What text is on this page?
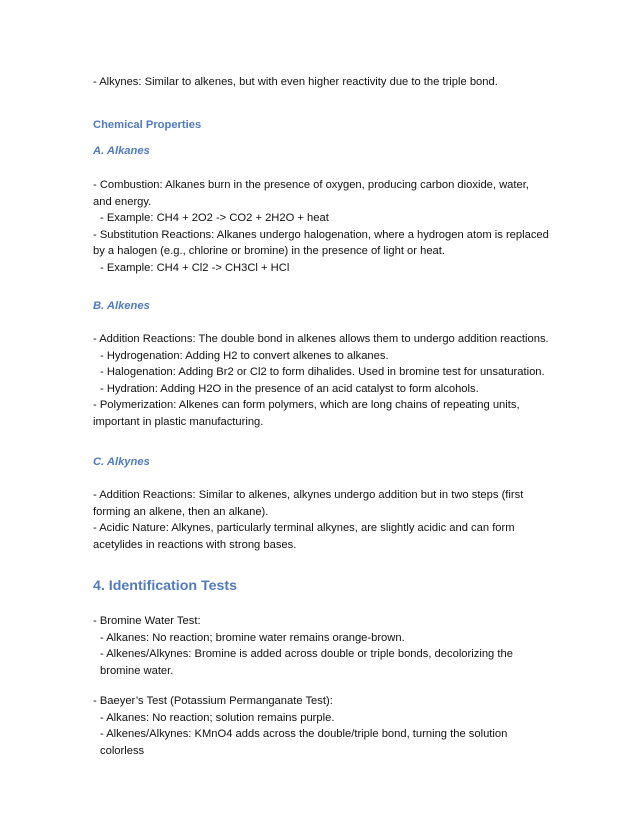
- Alkynes: Similar to alkenes, but with even higher reactivity due to the triple bond.

Chemical Properties

A. Alkanes

- Combustion: Alkanes burn in the presence of oxygen, producing carbon dioxide, water, and energy.
- Example: CH4 + 2O2 -> CO2 + 2H2O + heat
- Substitution Reactions: Alkanes undergo halogenation, where a hydrogen atom is replaced by a halogen (e.g., chlorine or bromine) in the presence of light or heat.
- Example: CH4 + Cl2 -> CH3Cl + HCl

B. Alkenes

- Addition Reactions: The double bond in alkenes allows them to undergo addition reactions.
- Hydrogenation: Adding H2 to convert alkenes to alkanes.
- Halogenation: Adding Br2 or Cl2 to form dihalides. Used in bromine test for unsaturation.
- Hydration: Adding H2O in the presence of an acid catalyst to form alcohols.
- Polymerization: Alkenes can form polymers, which are long chains of repeating units, important in plastic manufacturing.

C. Alkynes

- Addition Reactions: Similar to alkenes, alkynes undergo addition but in two steps (first forming an alkene, then an alkane).
- Acidic Nature: Alkynes, particularly terminal alkynes, are slightly acidic and can form acetylides in reactions with strong bases.

4. Identification Tests

- Bromine Water Test:
- Alkanes: No reaction; bromine water remains orange-brown.
- Alkenes/Alkynes: Bromine is added across double or triple bonds, decolorizing the bromine water.
- Baeyer’s Test (Potassium Permanganate Test):
- Alkanes: No reaction; solution remains purple.
- Alkenes/Alkynes: KMnO4 adds across the double/triple bond, turning the solution colorless
